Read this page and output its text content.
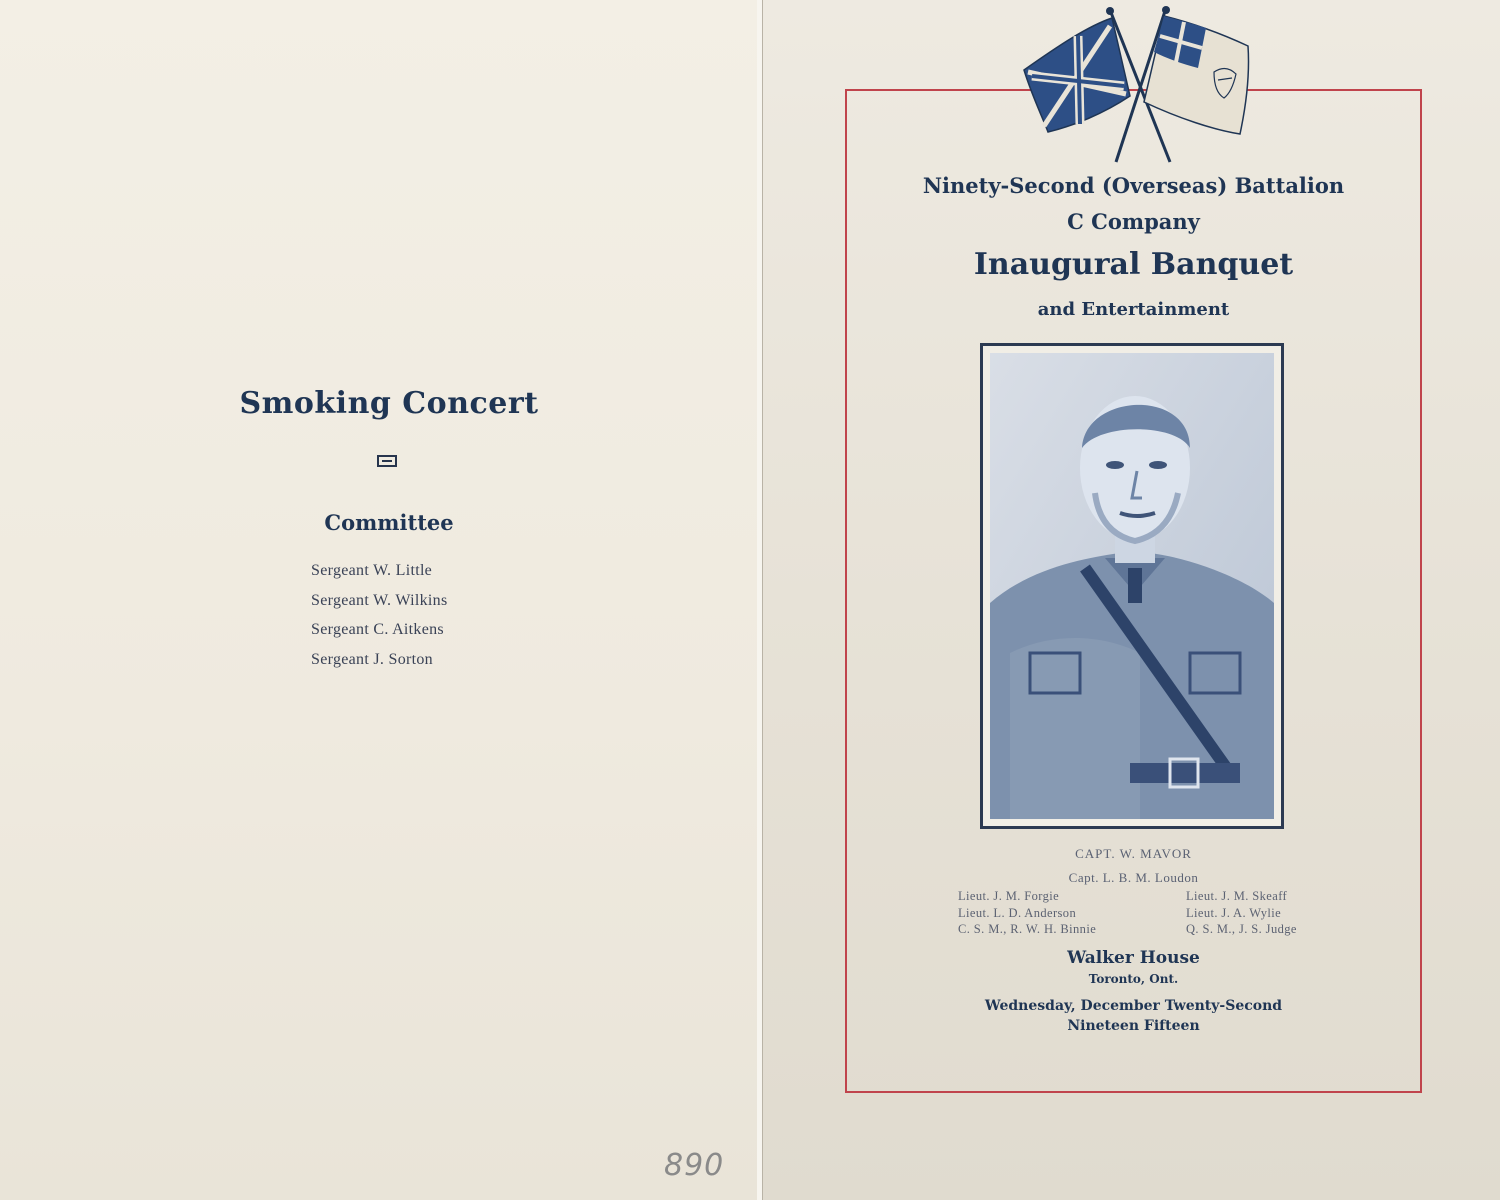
Smoking Concert
Committee
Sergeant W. Little
Sergeant W. Wilkins
Sergeant C. Aitkens
Sergeant J. Sorton
890
Ninety-Second (Overseas) Battalion
C Company
Inaugural Banquet
and Entertainment
CAPT. W. MAVOR
Capt. L. B. M. Loudon
Lieut. J. M. Forgie
Lieut. L. D. Anderson
C. S. M., R. W. H. Binnie
Lieut. J. M. Skeaff
Lieut. J. A. Wylie
Q. S. M., J. S. Judge
Walker House
Toronto, Ont.
Wednesday, December Twenty-Second
Nineteen Fifteen
